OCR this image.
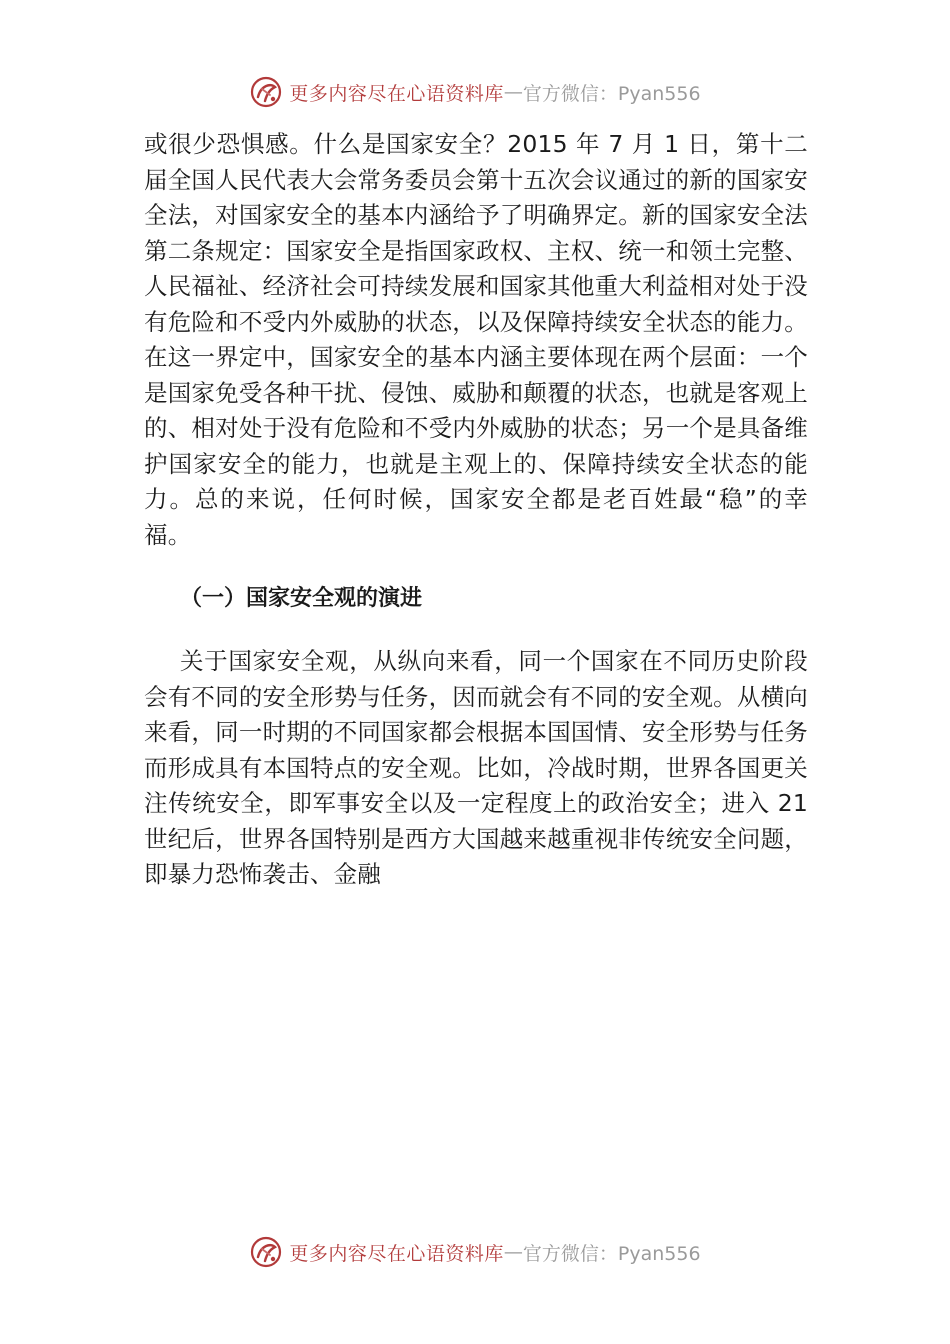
更多内容尽在心语资料库 — 官方微信：Pyan556

或很少恐惧感。什么是国家安全？2015 年 7 月 1 日，第十二届全国人民代表大会常务委员会第十五次会议通过的新的国家安全法，对国家安全的基本内涵给予了明确界定。新的国家安全法第二条规定：国家安全是指国家政权、主权、统一和领土完整、人民福祉、经济社会可持续发展和国家其他重大利益相对处于没有危险和不受内外威胁的状态，以及保障持续安全状态的能力。在这一界定中，国家安全的基本内涵主要体现在两个层面：一个是国家免受各种干扰、侵蚀、威胁和颠覆的状态，也就是客观上的、相对处于没有危险和不受内外威胁的状态；另一个是具备维护国家安全的能力，也就是主观上的、保障持续安全状态的能力。总的来说，任何时候，国家安全都是老百姓最“稳”的幸福。

（一）国家安全观的演进

关于国家安全观，从纵向来看，同一个国家在不同历史阶段会有不同的安全形势与任务，因而就会有不同的安全观。从横向来看，同一时期的不同国家都会根据本国国情、安全形势与任务而形成具有本国特点的安全观。比如，冷战时期，世界各国更关注传统安全，即军事安全以及一定程度上的政治安全；进入 21 世纪后，世界各国特别是西方大国越来越重视非传统安全问题，即暴力恐怖袭击、金融

更多内容尽在心语资料库 — 官方微信：Pyan556
